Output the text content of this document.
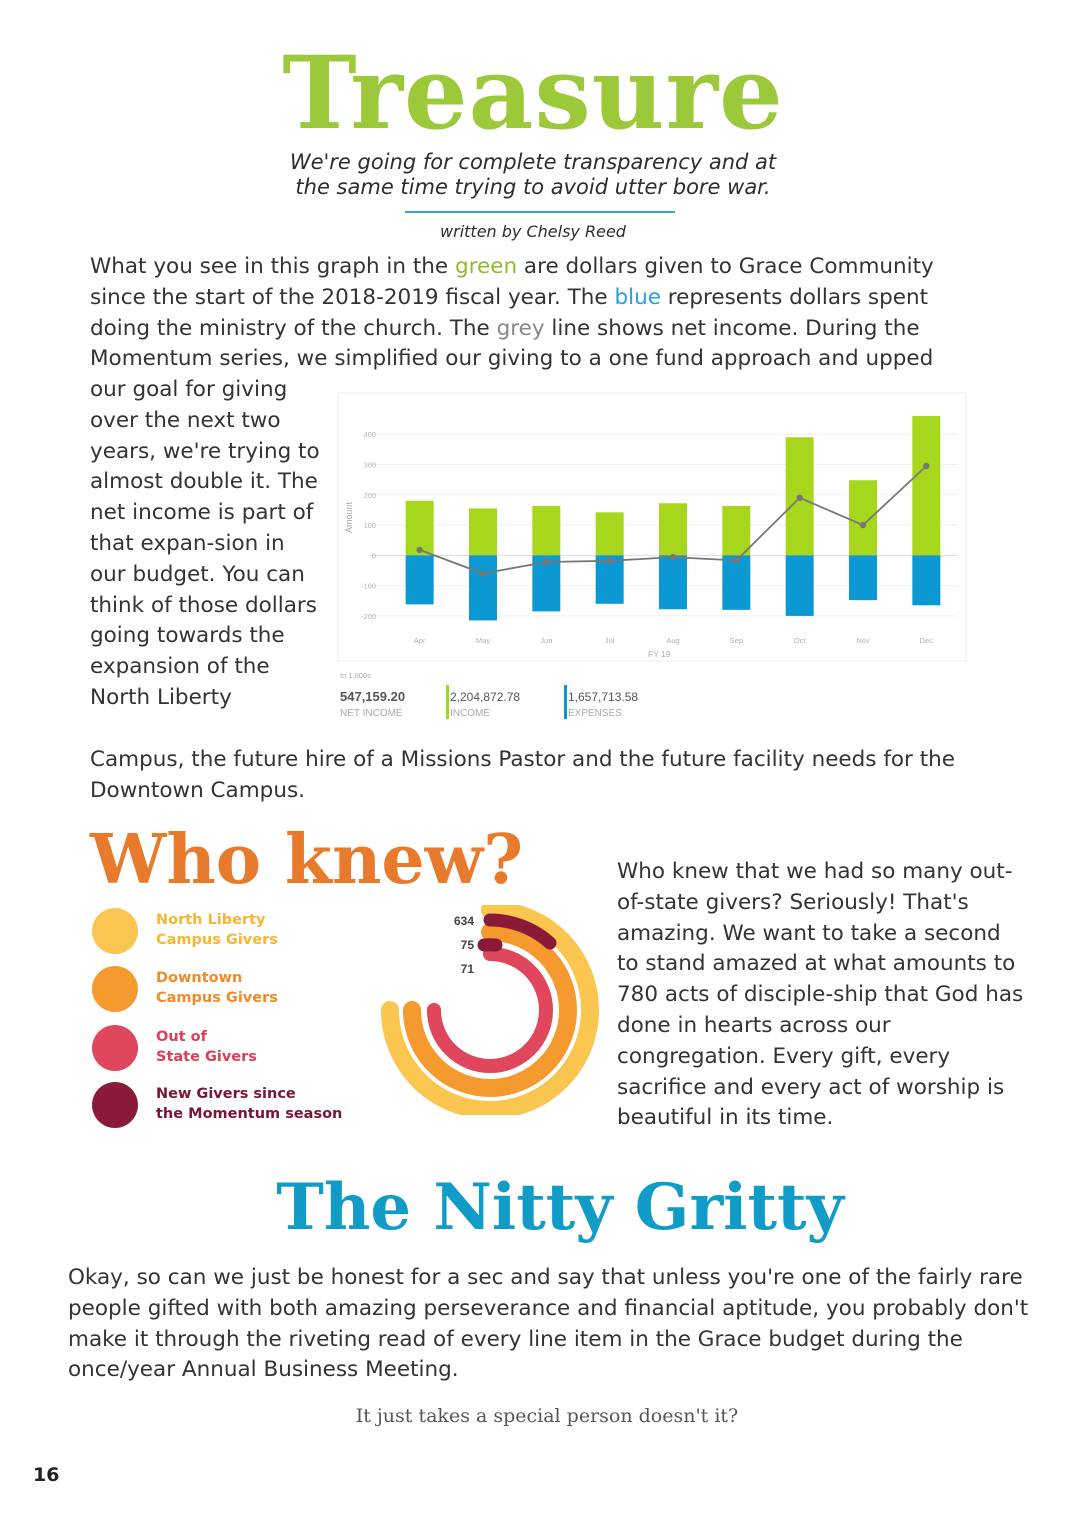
Treasure
We're going for complete transparency and at
the same time trying to avoid utter bore war.
written by Chelsy Reed
What you see in this graph in the green are dollars given to Grace Community since the start of the 2018-2019 fiscal year. The blue represents dollars spent doing the ministry of the church. The grey line shows net income. During the Momentum series, we simplified our giving to a one fund approach and upped
our goal for giving over the next two years, we're trying to almost double it. The net income is part of that expan-sion in our budget. You can think of those dollars going towards the expansion of the North Liberty
Campus, the future hire of a Missions Pastor and the future facility needs for the Downtown Campus.
-200
-100
0
100
200
300
400
Apr	May	Jun	Jul	Aug	Sep	Oct	Nov	Dec
Amount
FY 19
In 1,000s
547,159.20
NET INCOME
2,204,872.78
INCOME
1,657,713.58
EXPENSES
Who knew?	Who knew that we had so many out-of-state givers? Seriously! That's amazing. We want to take a second to stand amazed at what amounts to 780 acts of disciple-ship that God has done in hearts across our congregation. Every gift, every sacrifice and every act of worship is beautiful in its time.
North Liberty
Campus Givers
Downtown
Campus Givers
Out of
State Givers
New Givers since
the Momentum season
634
75
71
The Nitty Gritty
Okay, so can we just be honest for a sec and say that unless you're one of the fairly rare people gifted with both amazing perseverance and financial aptitude, you probably don't make it through the riveting read of every line item in the Grace budget during the once/year Annual Business Meeting.
It just takes a special person doesn't it?
16
